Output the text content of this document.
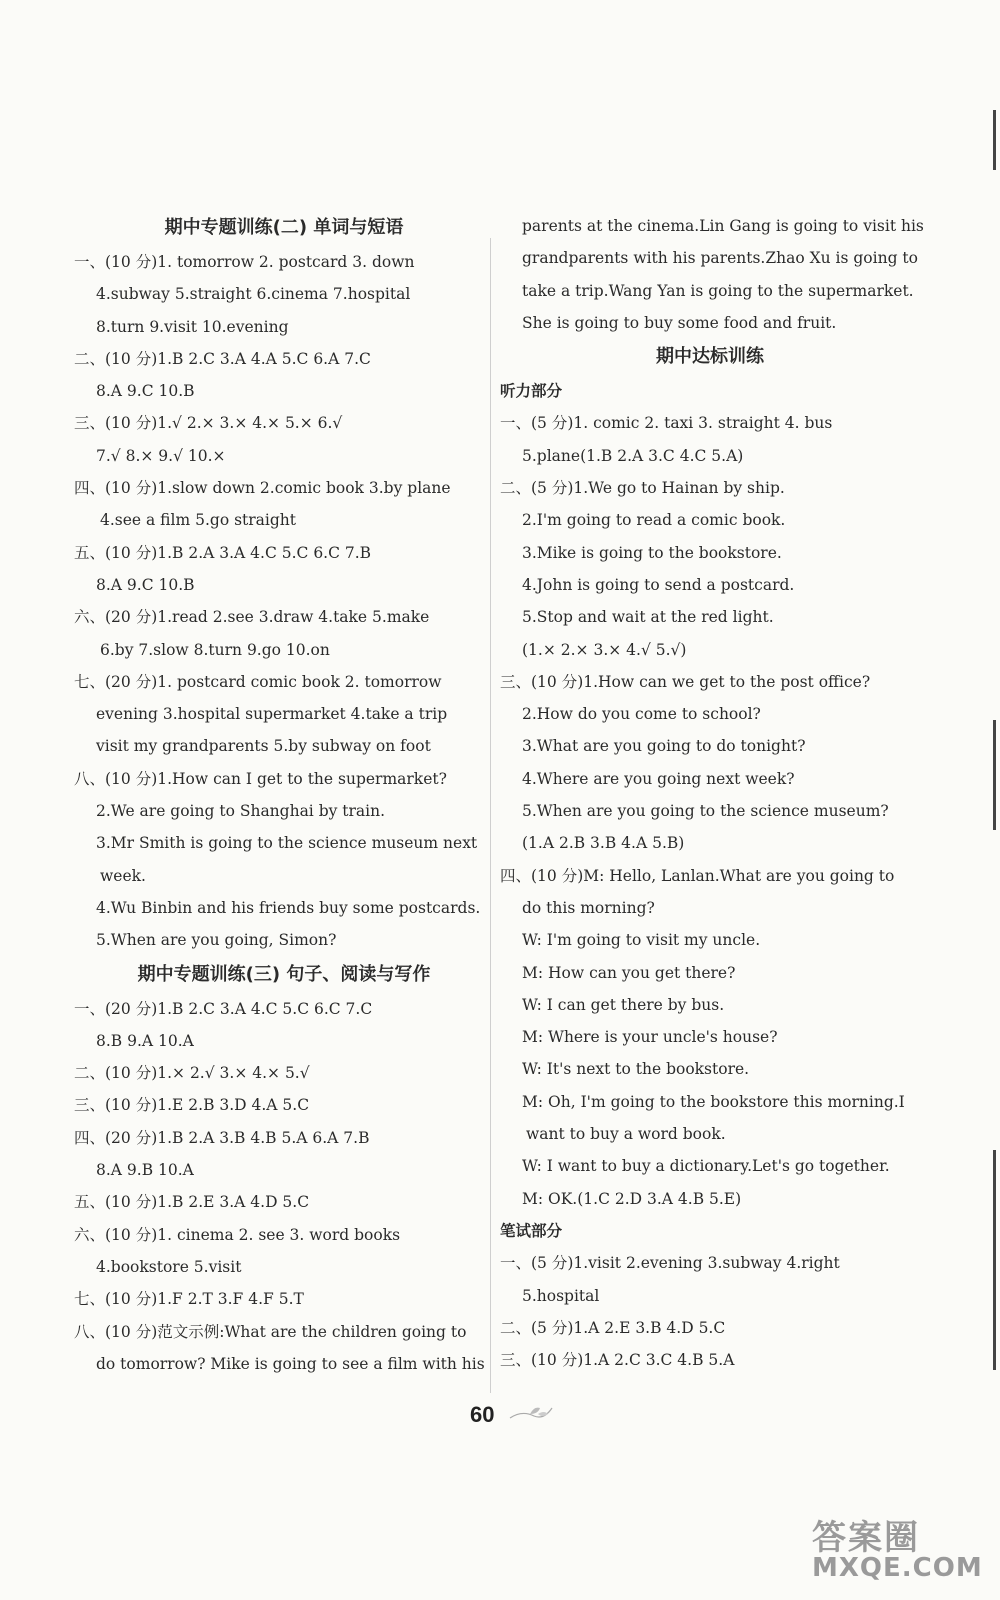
期中专题训练(二) 单词与短语
一、(10 分)1. tomorrow 2. postcard 3. down
4.subway 5.straight 6.cinema 7.hospital
8.turn 9.visit 10.evening
二、(10 分)1.B 2.C 3.A 4.A 5.C 6.A 7.C
8.A 9.C 10.B
三、(10 分)1.√ 2.× 3.× 4.× 5.× 6.√
7.√ 8.× 9.√ 10.×
四、(10 分)1.slow down 2.comic book 3.by plane
4.see a film 5.go straight
五、(10 分)1.B 2.A 3.A 4.C 5.C 6.C 7.B
8.A 9.C 10.B
六、(20 分)1.read 2.see 3.draw 4.take 5.make
6.by 7.slow 8.turn 9.go 10.on
七、(20 分)1. postcard comic book 2. tomorrow
evening 3.hospital supermarket 4.take a trip
visit my grandparents 5.by subway on foot
八、(10 分)1.How can I get to the supermarket?
2.We are going to Shanghai by train.
3.Mr Smith is going to the science museum next
week.
4.Wu Binbin and his friends buy some postcards.
5.When are you going, Simon?
期中专题训练(三) 句子、阅读与写作
一、(20 分)1.B 2.C 3.A 4.C 5.C 6.C 7.C
8.B 9.A 10.A
二、(10 分)1.× 2.√ 3.× 4.× 5.√
三、(10 分)1.E 2.B 3.D 4.A 5.C
四、(20 分)1.B 2.A 3.B 4.B 5.A 6.A 7.B
8.A 9.B 10.A
五、(10 分)1.B 2.E 3.A 4.D 5.C
六、(10 分)1. cinema 2. see 3. word books
4.bookstore 5.visit
七、(10 分)1.F 2.T 3.F 4.F 5.T
八、(10 分)范文示例:What are the children going to
do tomorrow? Mike is going to see a film with his
parents at the cinema.Lin Gang is going to visit his
grandparents with his parents.Zhao Xu is going to
take a trip.Wang Yan is going to the supermarket.
She is going to buy some food and fruit.
期中达标训练
听力部分
一、(5 分)1. comic 2. taxi 3. straight 4. bus
5.plane(1.B 2.A 3.C 4.C 5.A)
二、(5 分)1.We go to Hainan by ship.
2.I'm going to read a comic book.
3.Mike is going to the bookstore.
4.John is going to send a postcard.
5.Stop and wait at the red light.
(1.× 2.× 3.× 4.√ 5.√)
三、(10 分)1.How can we get to the post office?
2.How do you come to school?
3.What are you going to do tonight?
4.Where are you going next week?
5.When are you going to the science museum?
(1.A 2.B 3.B 4.A 5.B)
四、(10 分)M: Hello, Lanlan.What are you going to
do this morning?
W: I'm going to visit my uncle.
M: How can you get there?
W: I can get there by bus.
M: Where is your uncle's house?
W: It's next to the bookstore.
M: Oh, I'm going to the bookstore this morning.I
want to buy a word book.
W: I want to buy a dictionary.Let's go together.
M: OK.(1.C 2.D 3.A 4.B 5.E)
笔试部分
一、(5 分)1.visit 2.evening 3.subway 4.right
5.hospital
二、(5 分)1.A 2.E 3.B 4.D 5.C
三、(10 分)1.A 2.C 3.C 4.B 5.A
60
答案圈
MXQE.COM
